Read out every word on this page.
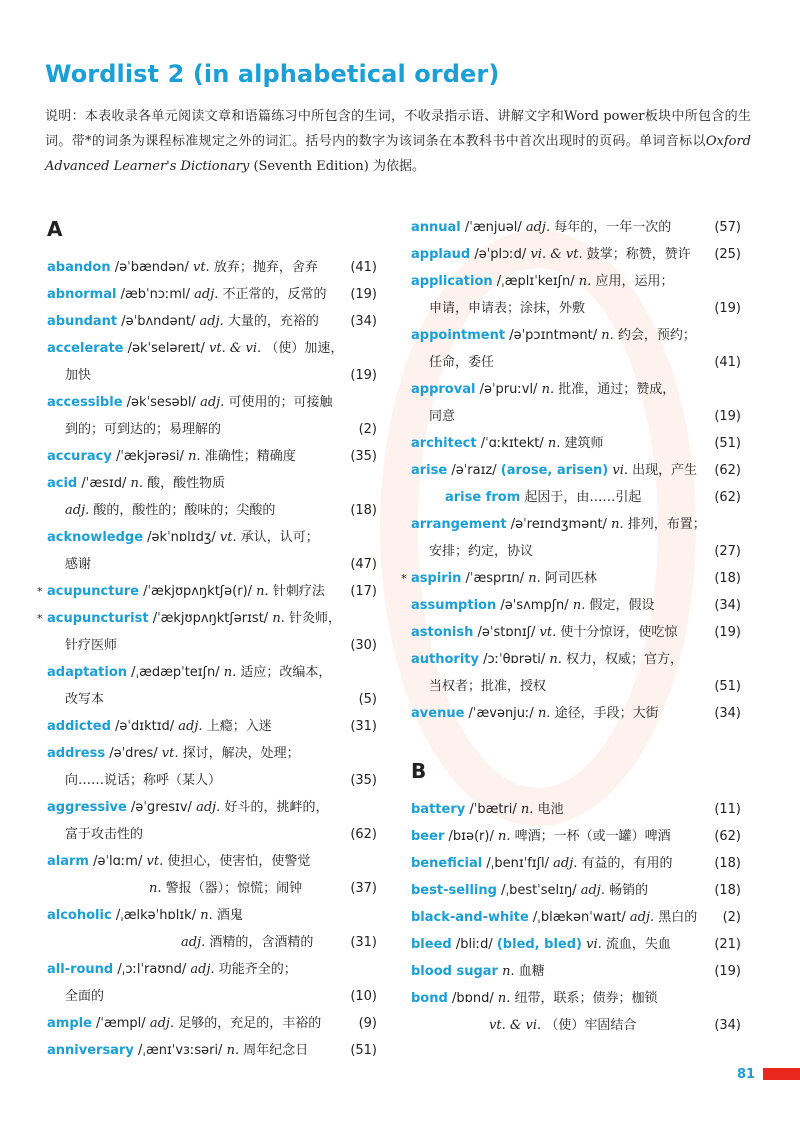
Wordlist 2 (in alphabetical order)
说明：本表收录各单元阅读文章和语篇练习中所包含的生词，不收录指示语、讲解文字和Word power板块中所包含的生词。带*的词条为课程标准规定之外的词汇。括号内的数字为该词条在本教科书中首次出现时的页码。单词音标以Oxford Advanced Learner's Dictionary (Seventh Edition) 为依据。
A
abandon /əˈbændən/ vt. 放弃；抛弃，舍弃 (41)
abnormal /æbˈnɔːml/ adj. 不正常的，反常的 (19)
abundant /əˈbʌndənt/ adj. 大量的，充裕的 (34)
accelerate /əkˈseləreɪt/ vt. & vi. （使）加速，
加快	(19)
accessible /əkˈsesəbl/ adj. 可使用的；可接触
到的；可到达的；易理解的	(2)
accuracy /ˈækjərəsi/ n. 准确性；精确度	(35)
acid /ˈæsɪd/ n. 酸，酸性物质
adj. 酸的，酸性的；酸味的；尖酸的	(18)
acknowledge /əkˈnɒlɪdʒ/ vt. 承认，认可；
感谢	(47)
* acupuncture /ˈækjʊpʌŋktʃə(r)/ n. 针刺疗法 (17)
* acupuncturist /ˈækjʊpʌŋktʃərɪst/ n. 针灸师，
针疗医师	(30)
adaptation /ˌædæpˈteɪʃn/ n. 适应；改编本，
改写本	(5)
addicted /əˈdɪktɪd/ adj. 上瘾；入迷	(31)
address /əˈdres/ vt. 探讨，解决，处理；
向……说话；称呼（某人）	(35)
aggressive /əˈɡresɪv/ adj. 好斗的，挑衅的，
富于攻击性的	(62)
alarm /əˈlɑːm/ vt. 使担心，使害怕，使警觉
n. 警报（器）；惊慌；闹钟	(37)
alcoholic /ˌælkəˈhɒlɪk/ n. 酒鬼
adj. 酒精的，含酒精的	(31)
all-round /ˌɔːlˈraʊnd/ adj. 功能齐全的；
全面的	(10)
ample /ˈæmpl/ adj. 足够的，充足的，丰裕的	(9)
anniversary /ˌænɪˈvɜːsəri/ n. 周年纪念日	(51)
annual /ˈænjuəl/ adj. 每年的，一年一次的	(57)
applaud /əˈplɔːd/ vi. & vt. 鼓掌；称赞，赞许 (25)
application /ˌæplɪˈkeɪʃn/ n. 应用，运用；
申请，申请表；涂抹，外敷	(19)
appointment /əˈpɔɪntmənt/ n. 约会，预约；
任命，委任	(41)
approval /əˈpruːvl/ n. 批准，通过；赞成，
同意	(19)
architect /ˈɑːkɪtekt/ n. 建筑师	(51)
arise /əˈraɪz/ (arose, arisen) vi. 出现，产生 (62)
arise from 起因于，由……引起	(62)
arrangement /əˈreɪndʒmənt/ n. 排列，布置；
安排；约定，协议	(27)
* aspirin /ˈæsprɪn/ n. 阿司匹林	(18)
assumption /əˈsʌmpʃn/ n. 假定，假设	(34)
astonish /əˈstɒnɪʃ/ vt. 使十分惊讶，使吃惊	(19)
authority /ɔːˈθɒrəti/ n. 权力，权威；官方，
当权者；批准，授权	(51)
avenue /ˈævənjuː/ n. 途径，手段；大街	(34)
B
battery /ˈbætri/ n. 电池	(11)
beer /bɪə(r)/ n. 啤酒；一杯（或一罐）啤酒	(62)
beneficial /ˌbenɪˈfɪʃl/ adj. 有益的，有用的	(18)
best-selling /ˌbestˈselɪŋ/ adj. 畅销的	(18)
black-and-white /ˌblækənˈwaɪt/ adj. 黑白的 (2)
bleed /bliːd/ (bled, bled) vi. 流血，失血	(21)
blood sugar n. 血糖	(19)
bond /bɒnd/ n. 纽带，联系；债券；枷锁
vt. & vi. （使）牢固结合	(34)
81
